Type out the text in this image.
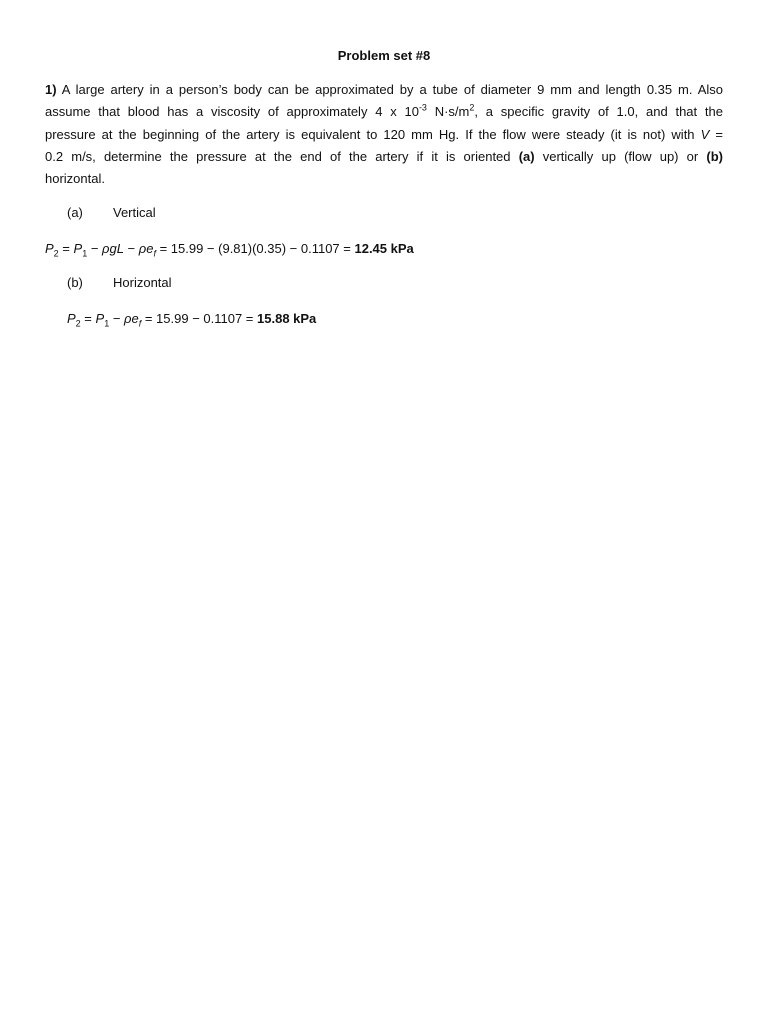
Problem set #8
1) A large artery in a person’s body can be approximated by a tube of diameter 9 mm and length 0.35 m. Also
assume that blood has a viscosity of approximately 4 x $10^{-3}$ $N\cdot s/m^2$, a specific gravity of 1.0, and that the
pressure at the beginning of the artery is equivalent to 120 mm Hg. If the flow were steady (it is not) with V =
0.2 m/s, determine the pressure at the end of the artery if it is oriented (a) vertically up (flow up) or (b)
horizontal.
(a) Vertical
$P_2 = P_1 - \rho gL - \rho e_f = 15.99 - (9.81)(0.35) - 0.1107 = 12.45$ kPa
(b) Horizontal
$P_2 = P_1 - \rho e_f = 15.99 - 0.1107 = 15.88$ kPa
